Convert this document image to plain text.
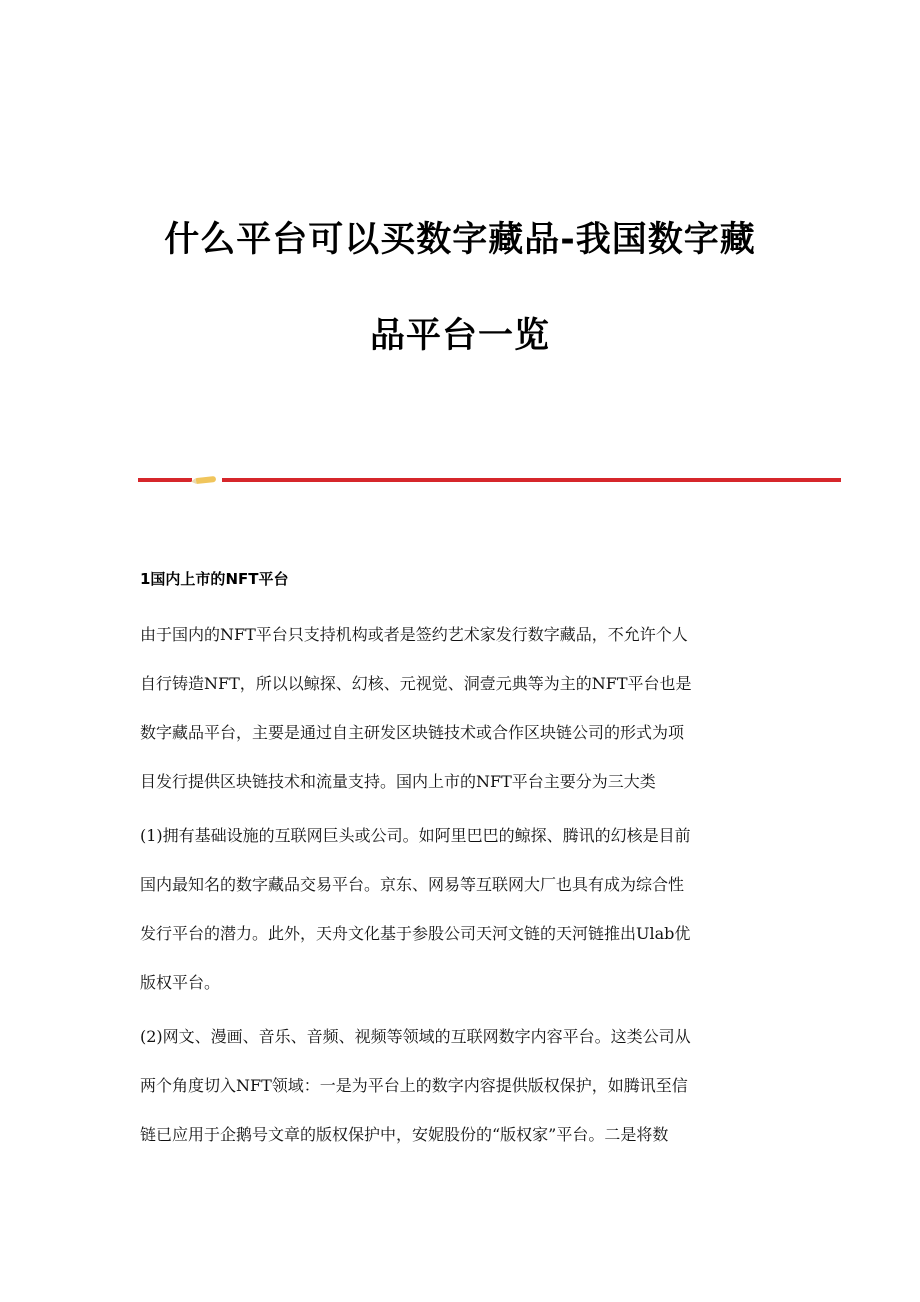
什么平台可以买数字藏品-我国数字藏
品平台一览
1国内上市的NFT平台
由于国内的NFT平台只支持机构或者是签约艺术家发行数字藏品，不允许个人
自行铸造NFT，所以以鲸探、幻核、元视觉、洞壹元典等为主的NFT平台也是
数字藏品平台，主要是通过自主研发区块链技术或合作区块链公司的形式为项
目发行提供区块链技术和流量支持。国内上市的NFT平台主要分为三大类
(1)拥有基础设施的互联网巨头或公司。如阿里巴巴的鲸探、腾讯的幻核是目前
国内最知名的数字藏品交易平台。京东、网易等互联网大厂也具有成为综合性
发行平台的潜力。此外，天舟文化基于参股公司天河文链的天河链推出Ulab优
版权平台。
(2)网文、漫画、音乐、音频、视频等领域的互联网数字内容平台。这类公司从
两个角度切入NFT领域：一是为平台上的数字内容提供版权保护，如腾讯至信
链已应用于企鹅号文章的版权保护中，安妮股份的“版权家”平台。二是将数
